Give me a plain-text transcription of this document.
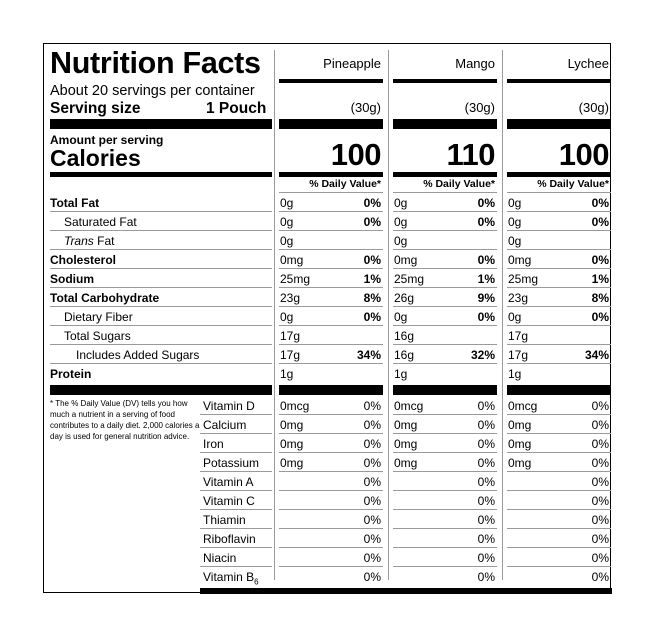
Nutrition Facts
About 20 servings per container
Serving size	1 Pouch
Amount per serving
Calories
Pineapple
(30g)
100
% Daily Value*
Mango
(30g)
110
% Daily Value*
Lychee
(30g)
100
% Daily Value*
Total Fat	0g	0% 0g	0% 0g	0%
Saturated Fat	0g	0% 0g	0% 0g	0%
Trans Fat	0g	0g	0g
Cholesterol	0mg	0% 0mg	0% 0mg	0%
Sodium	25mg	1% 25mg	1% 25mg	1%
Total Carbohydrate	23g	8% 26g	9% 23g	8%
Dietary Fiber	0g	0% 0g	0% 0g	0%
Total Sugars	17g	16g	17g
Includes Added Sugars	17g	34% 16g	32% 17g	34%
Protein	1g	1g	1g
Vitamin D 0mcg	0% 0mcg	0% 0mcg	0%
Calcium	0mg	0% 0mg	0% 0mg	0%
Iron	0mg	0% 0mg	0% 0mg	0%
Potassium 0mg	0% 0mg	0% 0mg	0%
Vitamin A	0%	0%	0%
Vitamin C	0%	0%	0%
Thiamin	0%	0%	0%
Riboflavin	0%	0%	0%
Niacin	0%	0%	0%
Vitamin $B_6$	0%	0%	0%
* The % Daily Value (DV) tells you how much a nutrient in a serving of food contributes to a daily diet. 2,000 calories a day is used for general nutrition advice.
